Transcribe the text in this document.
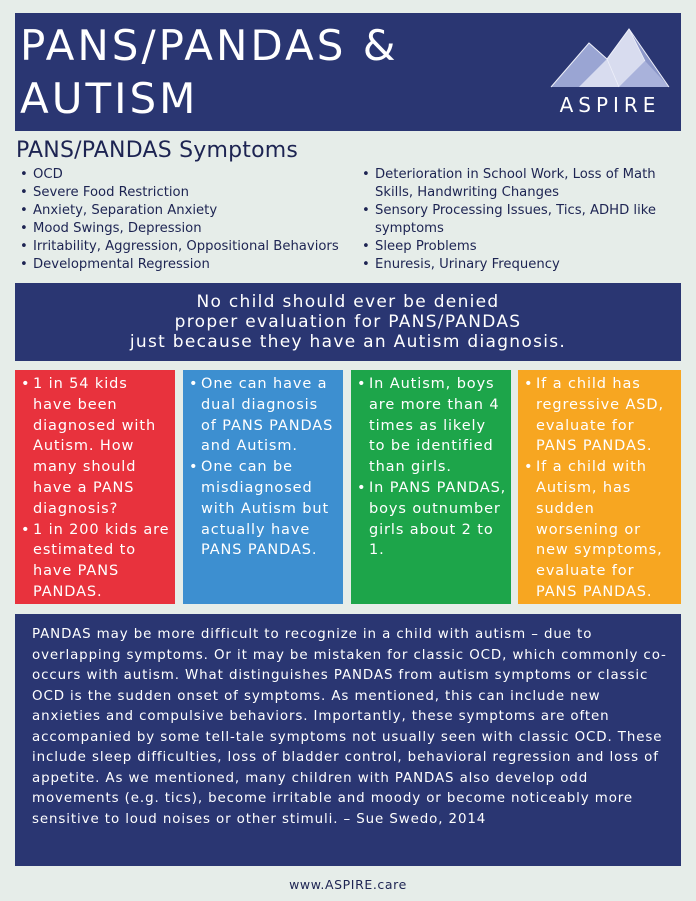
PANS/PANDAS &
AUTISM	ASPIRE
PANS/PANDAS Symptoms
• OCD
• Severe Food Restriction
• Anxiety, Separation Anxiety
• Mood Swings, Depression
• Irritability, Aggression, Oppositional Behaviors
• Developmental Regression
• Deterioration in School Work, Loss of Math Skills, Handwriting Changes
• Sensory Processing Issues, Tics, ADHD like symptoms
• Sleep Problems
• Enuresis, Urinary Frequency
No child should ever be denied
proper evaluation for PANS/PANDAS
just because they have an Autism diagnosis.
• 1 in 54 kids have been diagnosed with Autism. How many should have a PANS diagnosis?
• 1 in 200 kids are estimated to have PANS PANDAS.
• One can have a dual diagnosis of PANS PANDAS and Autism.
• One can be misdiagnosed with Autism but actually have PANS PANDAS.
• In Autism, boys are more than 4 times as likely to be identified than girls.
• In PANS PANDAS, boys outnumber girls about 2 to 1.
• If a child has regressive ASD, evaluate for PANS PANDAS.
• If a child with Autism, has sudden worsening or new symptoms, evaluate for PANS PANDAS.
PANDAS may be more difficult to recognize in a child with autism – due to overlapping symptoms. Or it may be mistaken for classic OCD, which commonly co-occurs with autism. What distinguishes PANDAS from autism symptoms or classic OCD is the sudden onset of symptoms. As mentioned, this can include new anxieties and compulsive behaviors. Importantly, these symptoms are often accompanied by some tell-tale symptoms not usually seen with classic OCD. These include sleep difficulties, loss of bladder control, behavioral regression and loss of appetite. As we mentioned, many children with PANDAS also develop odd movements (e.g. tics), become irritable and moody or become noticeably more sensitive to loud noises or other stimuli. – Sue Swedo, 2014
www.ASPIRE.care
